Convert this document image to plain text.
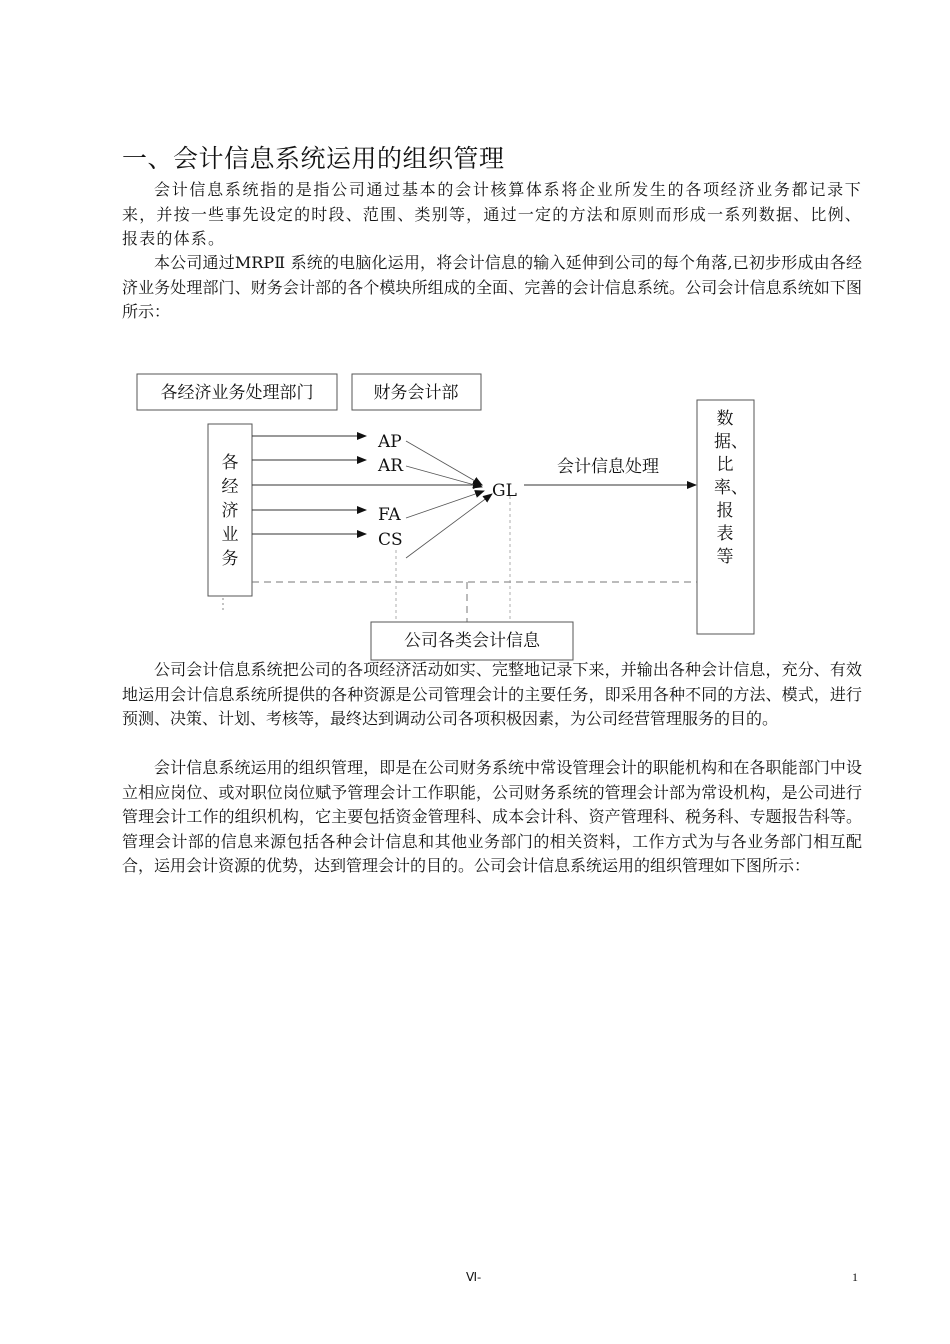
一、会计信息系统运用的组织管理

会计信息系统指的是指公司通过基本的会计核算体系将企业所发生的各项经济业务都记录下来，并按一些事先设定的时段、范围、类别等，通过一定的方法和原则而形成一系列数据、比例、报表的体系。

本公司通过MRPⅡ 系统的电脑化运用，将会计信息的输入延伸到公司的每个角落,已初步形成由各经济业务处理部门、财务会计部的各个模块所组成的全面、完善的会计信息系统。公司会计信息系统如下图所示：

各经济业务处理部门	财务会计部
各
经
济
业
务
AP
AR
FA
CS
GL
会计信息处理
数
据、
比
率、
报
表
等
公司各类会计信息

公司会计信息系统把公司的各项经济活动如实、完整地记录下来，并输出各种会计信息，充分、有效地运用会计信息系统所提供的各种资源是公司管理会计的主要任务，即采用各种不同的方法、模式，进行预测、决策、计划、考核等，最终达到调动公司各项积极因素，为公司经营管理服务的目的。

会计信息系统运用的组织管理，即是在公司财务系统中常设管理会计的职能机构和在各职能部门中设立相应岗位、或对职位岗位赋予管理会计工作职能，公司财务系统的管理会计部为常设机构，是公司进行管理会计工作的组织机构，它主要包括资金管理科、成本会计科、资产管理科、税务科、专题报告科等。管理会计部的信息来源包括各种会计信息和其他业务部门的相关资料，工作方式为与各业务部门相互配合，运用会计资源的优势，达到管理会计的目的。公司会计信息系统运用的组织管理如下图所示：

Ⅵ-	1
